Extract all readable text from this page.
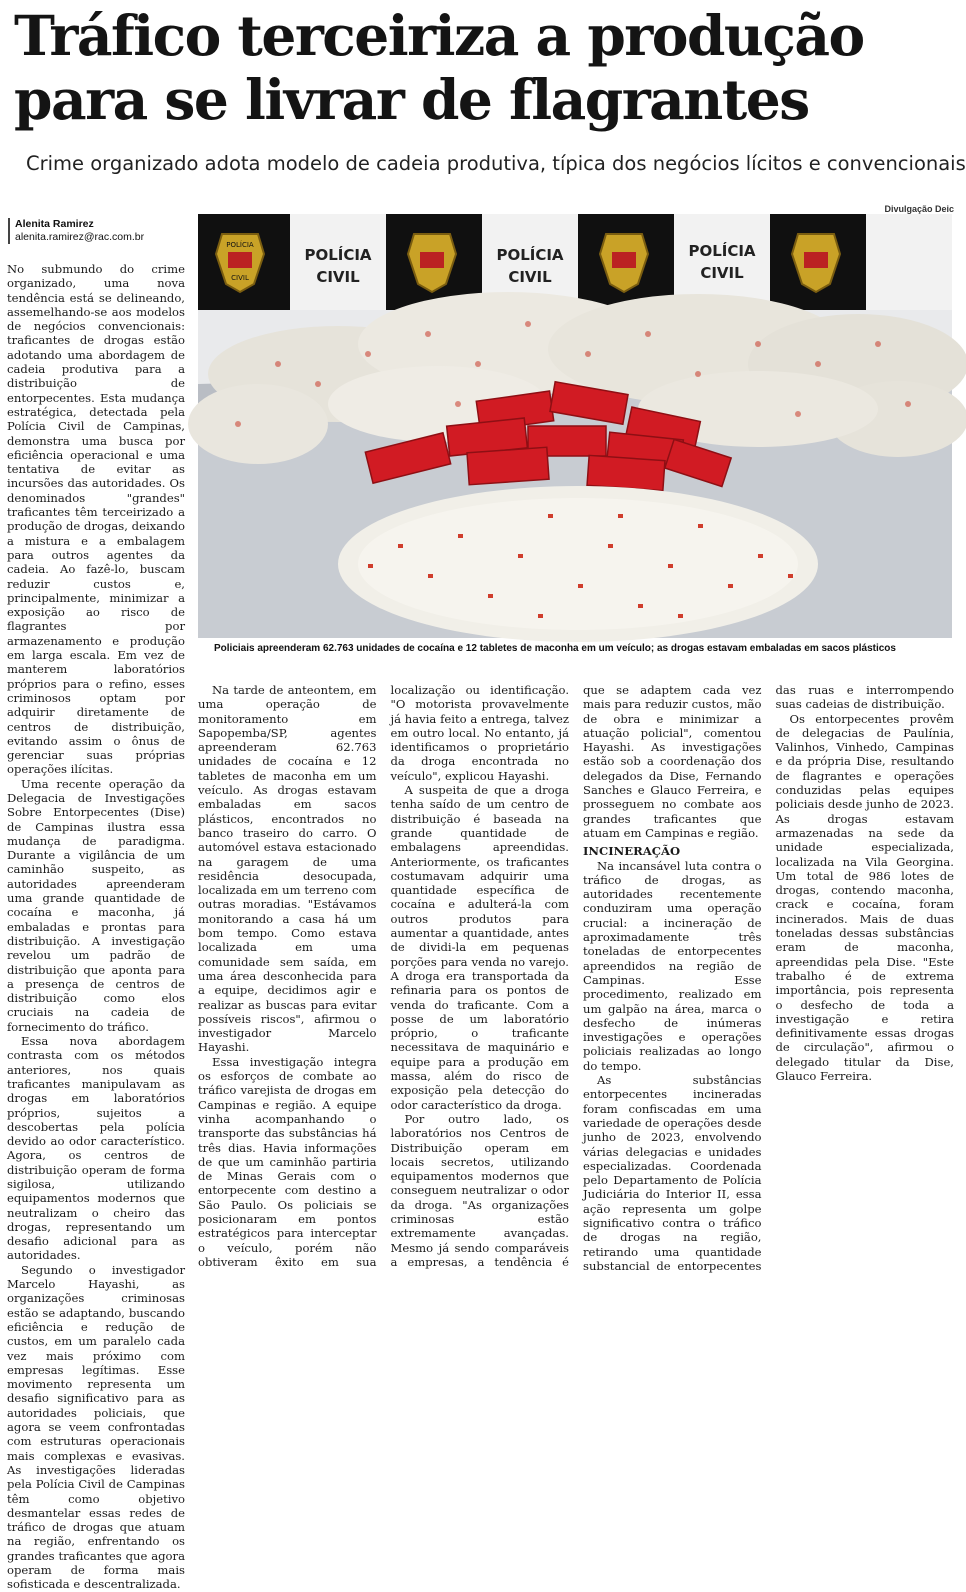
Tráfico terceiriza a produção para se livrar de flagrantes

Crime organizado adota modelo de cadeia produtiva, típica dos negócios lícitos e convencionais

Alenita Ramirez
alenita.ramirez@rac.com.br
Divulgação Deic
POLÍCIA
CIVIL
POLÍCIA
CIVIL
POLÍCIA
CIVIL
POLÍCIA
CIVIL
Policiais apreenderam 62.763 unidades de cocaína e 12 tabletes de maconha em um veículo; as drogas estavam embaladas em sacos plásticos

No submundo do crime organizado, uma nova tendência está se delineando, assemelhando-se aos modelos de negócios convencionais: traficantes de drogas estão adotando uma abordagem de cadeia produtiva para a distribuição de entorpecentes. Esta mudança estratégica, detectada pela Polícia Civil de Campinas, demonstra uma busca por eficiência operacional e uma tentativa de evitar as incursões das autoridades. Os denominados "grandes" traficantes têm terceirizado a produção de drogas, deixando a mistura e a embalagem para outros agentes da cadeia. Ao fazê-lo, buscam reduzir custos e, principalmente, minimizar a exposição ao risco de flagrantes por armazenamento e produção em larga escala. Em vez de manterem laboratórios próprios para o refino, esses criminosos optam por adquirir diretamente de centros de distribuição, evitando assim o ônus de gerenciar suas próprias operações ilícitas.

Uma recente operação da Delegacia de Investigações Sobre Entorpecentes (Dise) de Campinas ilustra essa mudança de paradigma. Durante a vigilância de um caminhão suspeito, as autoridades apreenderam uma grande quantidade de cocaína e maconha, já embaladas e prontas para distribuição. A investigação revelou um padrão de distribuição que aponta para a presença de centros de distribuição como elos cruciais na cadeia de fornecimento do tráfico.

Essa nova abordagem contrasta com os métodos anteriores, nos quais traficantes manipulavam as drogas em laboratórios próprios, sujeitos a descobertas pela polícia devido ao odor característico. Agora, os centros de distribuição operam de forma sigilosa, utilizando equipamentos modernos que neutralizam o cheiro das drogas, representando um desafio adicional para as autoridades.

Segundo o investigador Marcelo Hayashi, as organizações criminosas estão se adaptando, buscando eficiência e redução de custos, em um paralelo cada vez mais próximo com empresas legítimas. Esse movimento representa um desafio significativo para as autoridades policiais, que agora se veem confrontadas com estruturas operacionais mais complexas e evasivas. As investigações lideradas pela Polícia Civil de Campinas têm como objetivo desmantelar essas redes de tráfico de drogas que atuam na região, enfrentando os grandes traficantes que agora operam de forma mais sofisticada e descentralizada.

Na tarde de anteontem, em uma operação de monitoramento em Sapopemba/SP, agentes apreenderam 62.763 unidades de cocaína e 12 tabletes de maconha em um veículo. As drogas estavam embaladas em sacos plásticos, encontrados no banco traseiro do carro. O automóvel estava estacionado na garagem de uma residência desocupada, localizada em um terreno com outras moradias. "Estávamos monitorando a casa há um bom tempo. Como estava localizada em uma comunidade sem saída, em uma área desconhecida para a equipe, decidimos agir e realizar as buscas para evitar possíveis riscos", afirmou o investigador Marcelo Hayashi.

Essa investigação integra os esforços de combate ao tráfico varejista de drogas em Campinas e região. A equipe vinha acompanhando o transporte das substâncias há três dias. Havia informações de que um caminhão partiria de Minas Gerais com o entorpecente com destino a São Paulo. Os policiais se posicionaram em pontos estratégicos para interceptar o veículo, porém não obtiveram êxito em sua localização ou identificação. "O motorista provavelmente já havia feito a entrega, talvez em outro local. No entanto, já identificamos o proprietário da droga encontrada no veículo", explicou Hayashi.

A suspeita de que a droga tenha saído de um centro de distribuição é baseada na grande quantidade de embalagens apreendidas. Anteriormente, os traficantes costumavam adquirir uma quantidade específica de cocaína e adulterá-la com outros produtos para aumentar a quantidade, antes de dividi-la em pequenas porções para venda no varejo. A droga era transportada da refinaria para os pontos de venda do traficante. Com a posse de um laboratório próprio, o traficante necessitava de maquinário e equipe para a produção em massa, além do risco de exposição pela detecção do odor característico da droga.

Por outro lado, os laboratórios nos Centros de Distribuição operam em locais secretos, utilizando equipamentos modernos que conseguem neutralizar o odor da droga. "As organizações criminosas estão extremamente avançadas. Mesmo já sendo comparáveis a empresas, a tendência é que se adaptem cada vez mais para reduzir custos, mão de obra e minimizar a atuação policial", comentou Hayashi. As investigações estão sob a coordenação dos delegados da Dise, Fernando Sanches e Glauco Ferreira, e prosseguem no combate aos grandes traficantes que atuam em Campinas e região.

INCINERAÇÃO

Na incansável luta contra o tráfico de drogas, as autoridades recentemente conduziram uma operação crucial: a incineração de aproximadamente três toneladas de entorpecentes apreendidos na região de Campinas. Esse procedimento, realizado em um galpão na área, marca o desfecho de inúmeras investigações e operações policiais realizadas ao longo do tempo.

As substâncias entorpecentes incineradas foram confiscadas em uma variedade de operações desde junho de 2023, envolvendo várias delegacias e unidades especializadas. Coordenada pelo Departamento de Polícia Judiciária do Interior II, essa ação representa um golpe significativo contra o tráfico de drogas na região, retirando uma quantidade substancial de entorpecentes das ruas e interrompendo suas cadeias de distribuição.

Os entorpecentes provêm de delegacias de Paulínia, Valinhos, Vinhedo, Campinas e da própria Dise, resultando de flagrantes e operações conduzidas pelas equipes policiais desde junho de 2023. As drogas estavam armazenadas na sede da unidade especializada, localizada na Vila Georgina. Um total de 986 lotes de drogas, contendo maconha, crack e cocaína, foram incinerados. Mais de duas toneladas dessas substâncias eram de maconha, apreendidas pela Dise. "Este trabalho é de extrema importância, pois representa o desfecho de toda a investigação e retira definitivamente essas drogas de circulação", afirmou o delegado titular da Dise, Glauco Ferreira.
